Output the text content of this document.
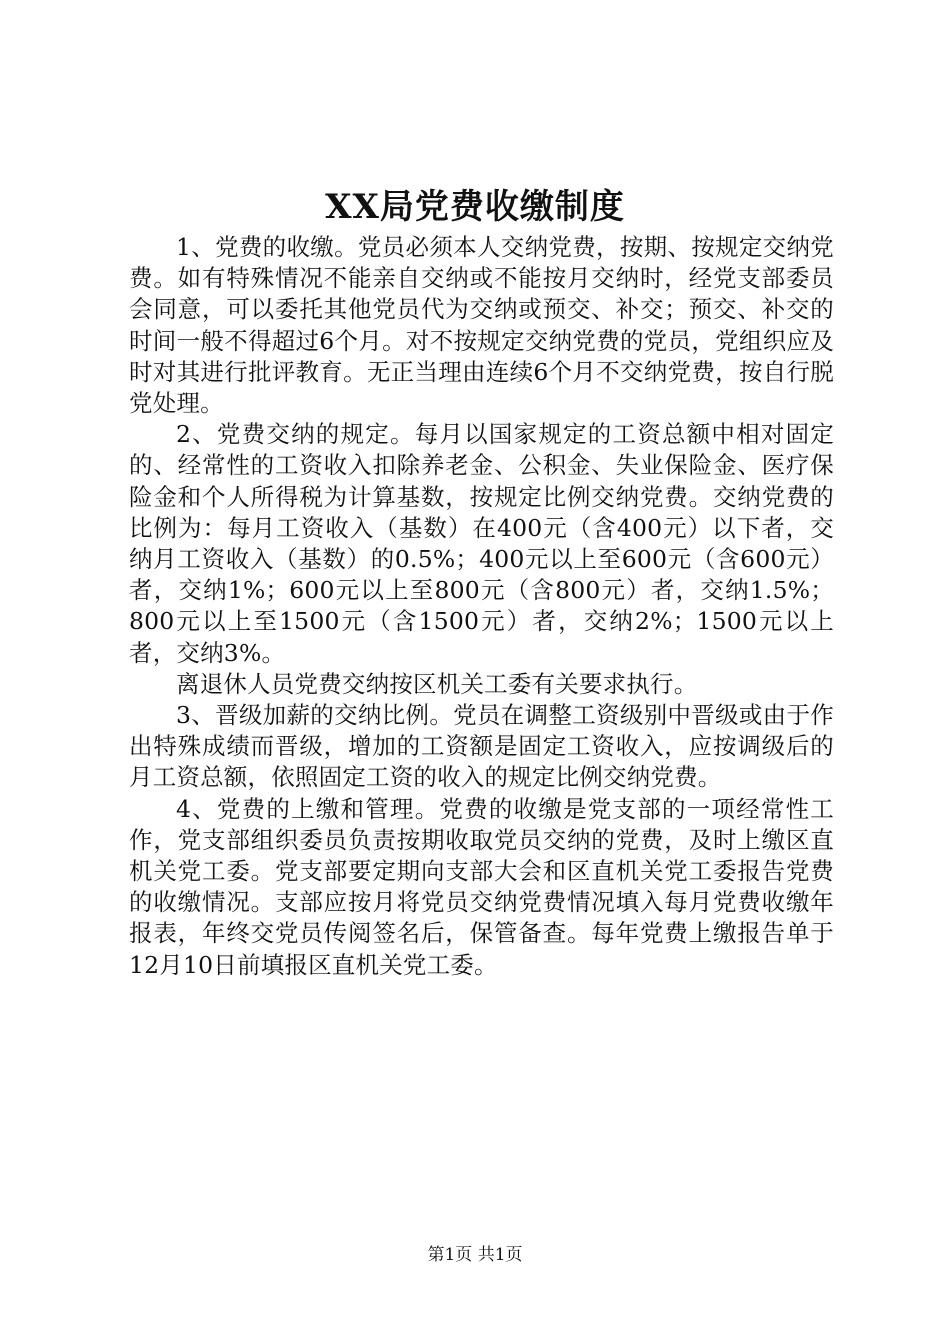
XX局党费收缴制度

1、党费的收缴。党员必须本人交纳党费，按期、按规定交纳党费。如有特殊情况不能亲自交纳或不能按月交纳时，经党支部委员会同意，可以委托其他党员代为交纳或预交、补交；预交、补交的时间一般不得超过6个月。对不按规定交纳党费的党员，党组织应及时对其进行批评教育。无正当理由连续6个月不交纳党费，按自行脱党处理。

2、党费交纳的规定。每月以国家规定的工资总额中相对固定的、经常性的工资收入扣除养老金、公积金、失业保险金、医疗保险金和个人所得税为计算基数，按规定比例交纳党费。交纳党费的比例为：每月工资收入（基数）在400元（含400元）以下者，交纳月工资收入（基数）的0.5%；400元以上至600元（含600元）者，交纳1%；600元以上至800元（含800元）者，交纳1.5%；800元以上至1500元（含1500元）者，交纳2%；1500元以上者，交纳3%。

离退休人员党费交纳按区机关工委有关要求执行。

3、晋级加薪的交纳比例。党员在调整工资级别中晋级或由于作出特殊成绩而晋级，增加的工资额是固定工资收入，应按调级后的月工资总额，依照固定工资的收入的规定比例交纳党费。

4、党费的上缴和管理。党费的收缴是党支部的一项经常性工作，党支部组织委员负责按期收取党员交纳的党费，及时上缴区直机关党工委。党支部要定期向支部大会和区直机关党工委报告党费的收缴情况。支部应按月将党员交纳党费情况填入每月党费收缴年报表，年终交党员传阅签名后，保管备查。每年党费上缴报告单于12月10日前填报区直机关党工委。

第1页 共1页
